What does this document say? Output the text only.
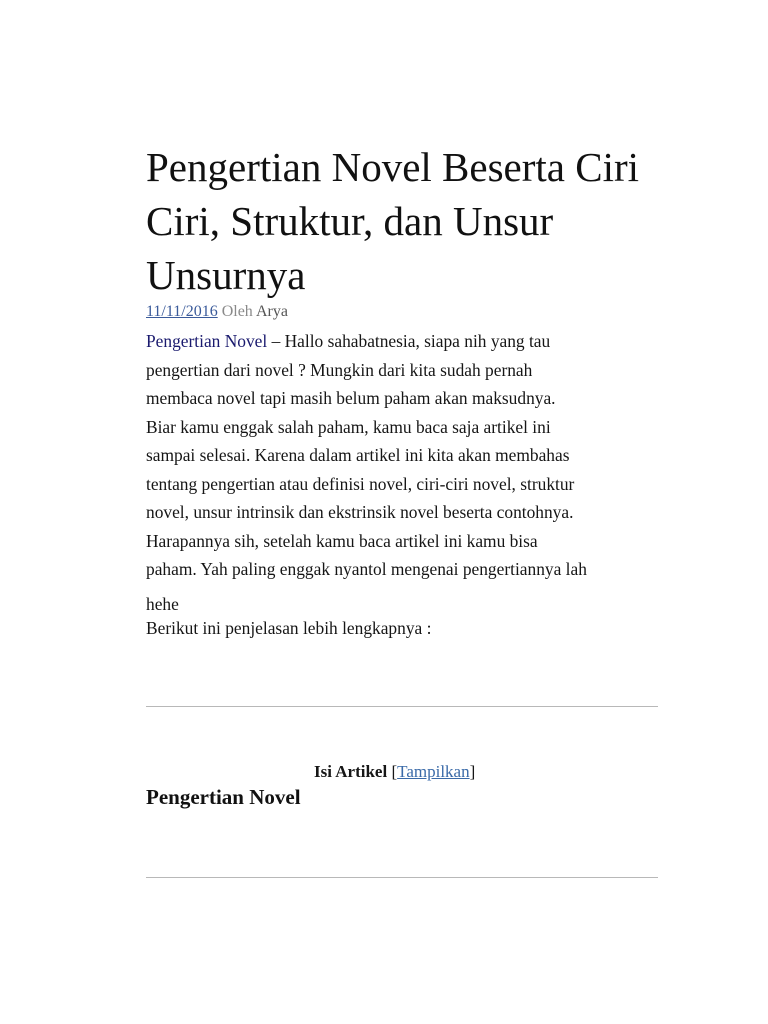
Pengertian Novel Beserta Ciri Ciri, Struktur, dan Unsur Unsurnya
11/11/2016 Oleh Arya
Pengertian Novel – Hallo sahabatnesia, siapa nih yang tau
pengertian dari novel ? Mungkin dari kita sudah pernah
membaca novel tapi masih belum paham akan maksudnya.
Biar kamu enggak salah paham, kamu baca saja artikel ini
sampai selesai. Karena dalam artikel ini kita akan membahas
tentang pengertian atau definisi novel, ciri-ciri novel, struktur
novel, unsur intrinsik dan ekstrinsik novel beserta contohnya.
Harapannya sih, setelah kamu baca artikel ini kamu bisa
paham. Yah paling enggak nyantol mengenai pengertiannya lah
hehe
Berikut ini penjelasan lebih lengkapnya :
Isi Artikel [Tampilkan]
Pengertian Novel
